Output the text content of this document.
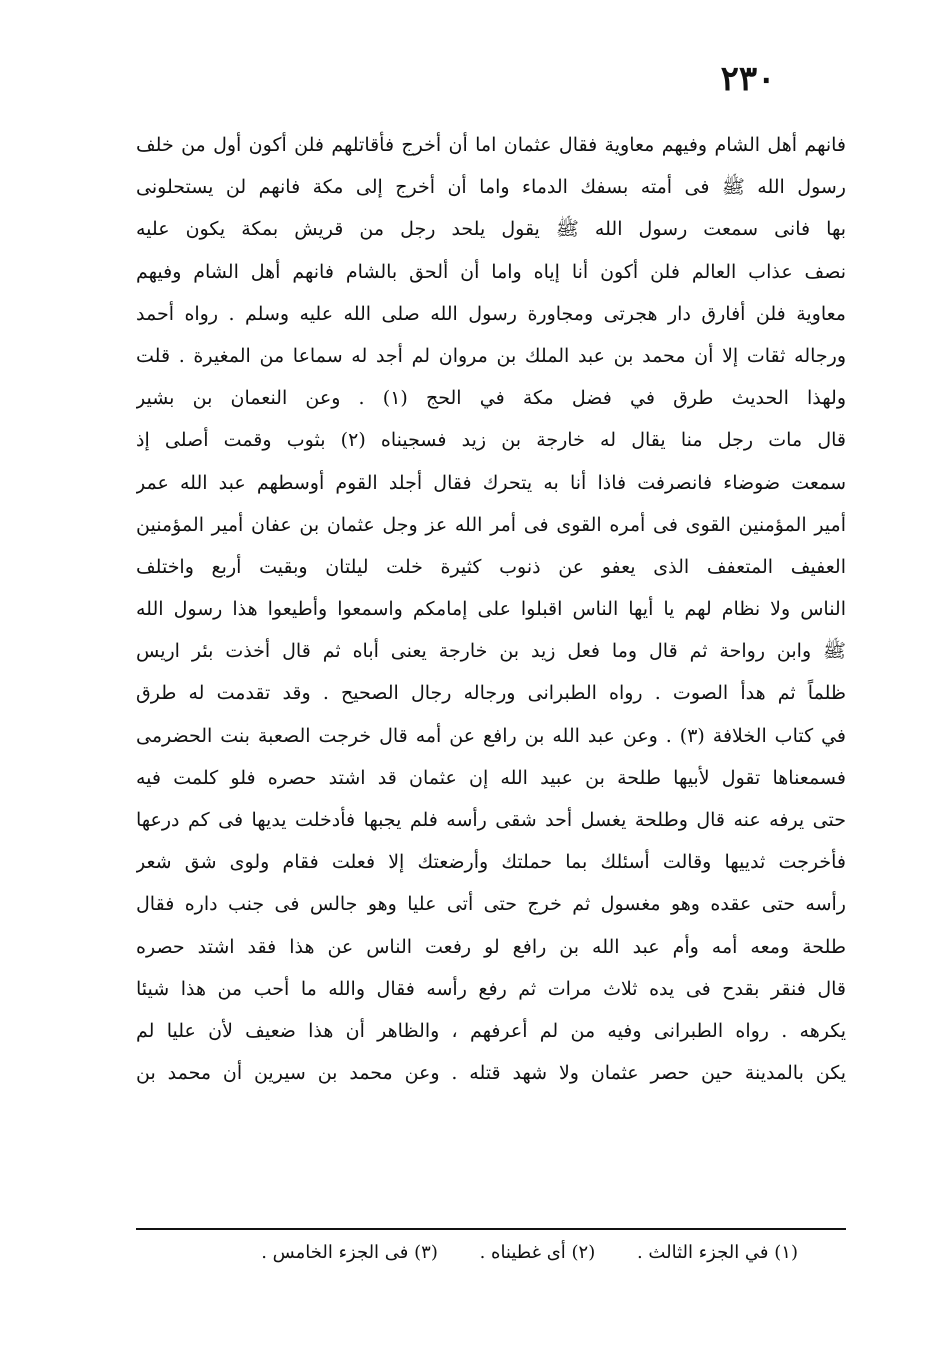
٢٣٠
فانهم أهل الشام وفيهم معاوية فقال عثمان اما أن أخرج فأقاتلهم فلن أكون أول من خلف
رسول الله ﷺ فى أمته بسفك الدماء واما أن أخرج إلى مكة فانهم لن يستحلونى
بها فانى سمعت رسول الله ﷺ يقول يلحد رجل من قريش بمكة يكون عليه
نصف عذاب العالم فلن أكون أنا إياه واما أن ألحق بالشام فانهم أهل الشام وفيهم
معاوية فلن أفارق دار هجرتى ومجاورة رسول الله صلى الله عليه وسلم . رواه أحمد
ورجاله ثقات إلا أن محمد بن عبد الملك بن مروان لم أجد له سماعا من المغيرة . قلت
ولهذا الحديث طرق في فضل مكة في الحج (١) . وعن النعمان بن بشير
قال مات رجل منا يقال له خارجة بن زيد فسجيناه (٢) بثوب وقمت أصلى إذ
سمعت ضوضاء فانصرفت فاذا أنا به يتحرك فقال أجلد القوم أوسطهم عبد الله عمر
أمير المؤمنين القوى فى أمره القوى فى أمر الله عز وجل عثمان بن عفان أمير المؤمنين
العفيف المتعفف الذى يعفو عن ذنوب كثيرة خلت ليلتان وبقيت أربع واختلف
الناس ولا نظام لهم يا أيها الناس اقبلوا على إمامكم واسمعوا وأطيعوا هذا رسول الله
ﷺ وابن رواحة ثم قال وما فعل زيد بن خارجة يعنى أباه ثم قال أخذت بئر اريس
ظلماً ثم هدأ الصوت . رواه الطبرانى ورجاله رجال الصحيح . وقد تقدمت له طرق
في كتاب الخلافة (٣) . وعن عبد الله بن رافع عن أمه قال خرجت الصعبة بنت الحضرمى
فسمعناها تقول لأبيها طلحة بن عبيد الله إن عثمان قد اشتد حصره فلو كلمت فيه
حتى يرفه عنه قال وطلحة يغسل أحد شقى رأسه فلم يجبها فأدخلت يديها فى كم درعها
فأخرجت ثدييها وقالت أسئلك بما حملتك وأرضعتك إلا فعلت فقام ولوى شق شعر
رأسه حتى عقده وهو مغسول ثم خرج حتى أتى عليا وهو جالس فى جنب داره فقال
طلحة ومعه أمه وأم عبد الله بن رافع لو رفعت الناس عن هذا فقد اشتد حصره
قال فنقر بقدح فى يده ثلاث مرات ثم رفع رأسه فقال والله ما أحب من هذا شيئا
يكرهه . رواه الطبرانى وفيه من لم أعرفهم ، والظاهر أن هذا ضعيف لأن عليا لم
يكن بالمدينة حين حصر عثمان ولا شهد قتله . وعن محمد بن سيرين أن محمد بن
(١) في الجزء الثالث . (٢) أى غطيناه . (٣) فى الجزء الخامس .
